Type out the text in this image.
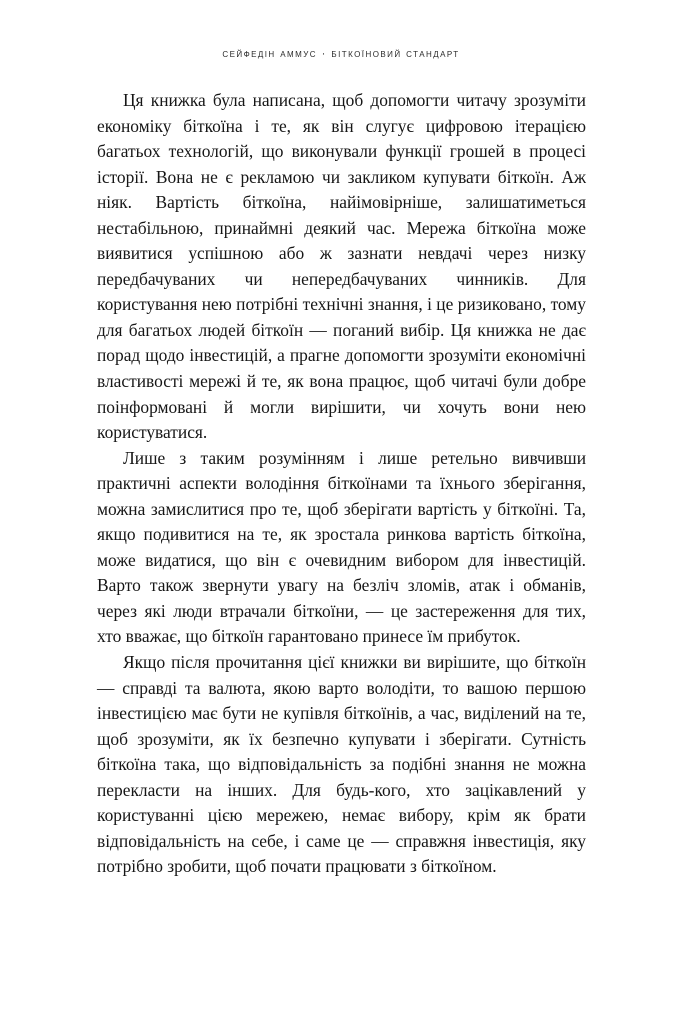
сейфедін аммус · біткоїновий стандарт

Ця книжка була написана, щоб допомогти читачу зрозуміти економіку біткоїна і те, як він слугує цифровою ітерацією багатьох технологій, що виконували функції грошей в процесі історії. Вона не є рекламою чи закликом купувати біткоїн. Аж ніяк. Вартість біткоїна, найімовірніше, залишатиметься нестабільною, принаймні деякий час. Мережа біткоїна може виявитися успішною або ж зазнати невдачі через низку передбачуваних чи непередбачуваних чинників. Для користування нею потрібні технічні знання, і це ризиковано, тому для багатьох людей біткоїн — поганий вибір. Ця книжка не дає порад щодо інвестицій, а прагне допомогти зрозуміти економічні властивості мережі й те, як вона працює, щоб читачі були добре поінформовані й могли вирішити, чи хочуть вони нею користуватися.

Лише з таким розумінням і лише ретельно вивчивши практичні аспекти володіння біткоїнами та їхнього зберігання, можна замислитися про те, щоб зберігати вартість у біткоїні. Та, якщо подивитися на те, як зростала ринкова вартість біткоїна, може видатися, що він є очевидним вибором для інвестицій. Варто також звернути увагу на безліч зломів, атак і обманів, через які люди втрачали біткоїни, — це застереження для тих, хто вважає, що біткоїн гарантовано принесе їм прибуток.

Якщо після прочитання цієї книжки ви вирішите, що біткоїн — справді та валюта, якою варто володіти, то вашою першою інвестицією має бути не купівля біткоїнів, а час, виділений на те, щоб зрозуміти, як їх безпечно купувати і зберігати. Сутність біткоїна така, що відповідальність за подібні знання не можна перекласти на інших. Для будь-кого, хто зацікавлений у користуванні цією мережею, немає вибору, крім як брати відповідальність на себе, і саме це — справжня інвестиція, яку потрібно зробити, щоб почати працювати з біткоїном.
